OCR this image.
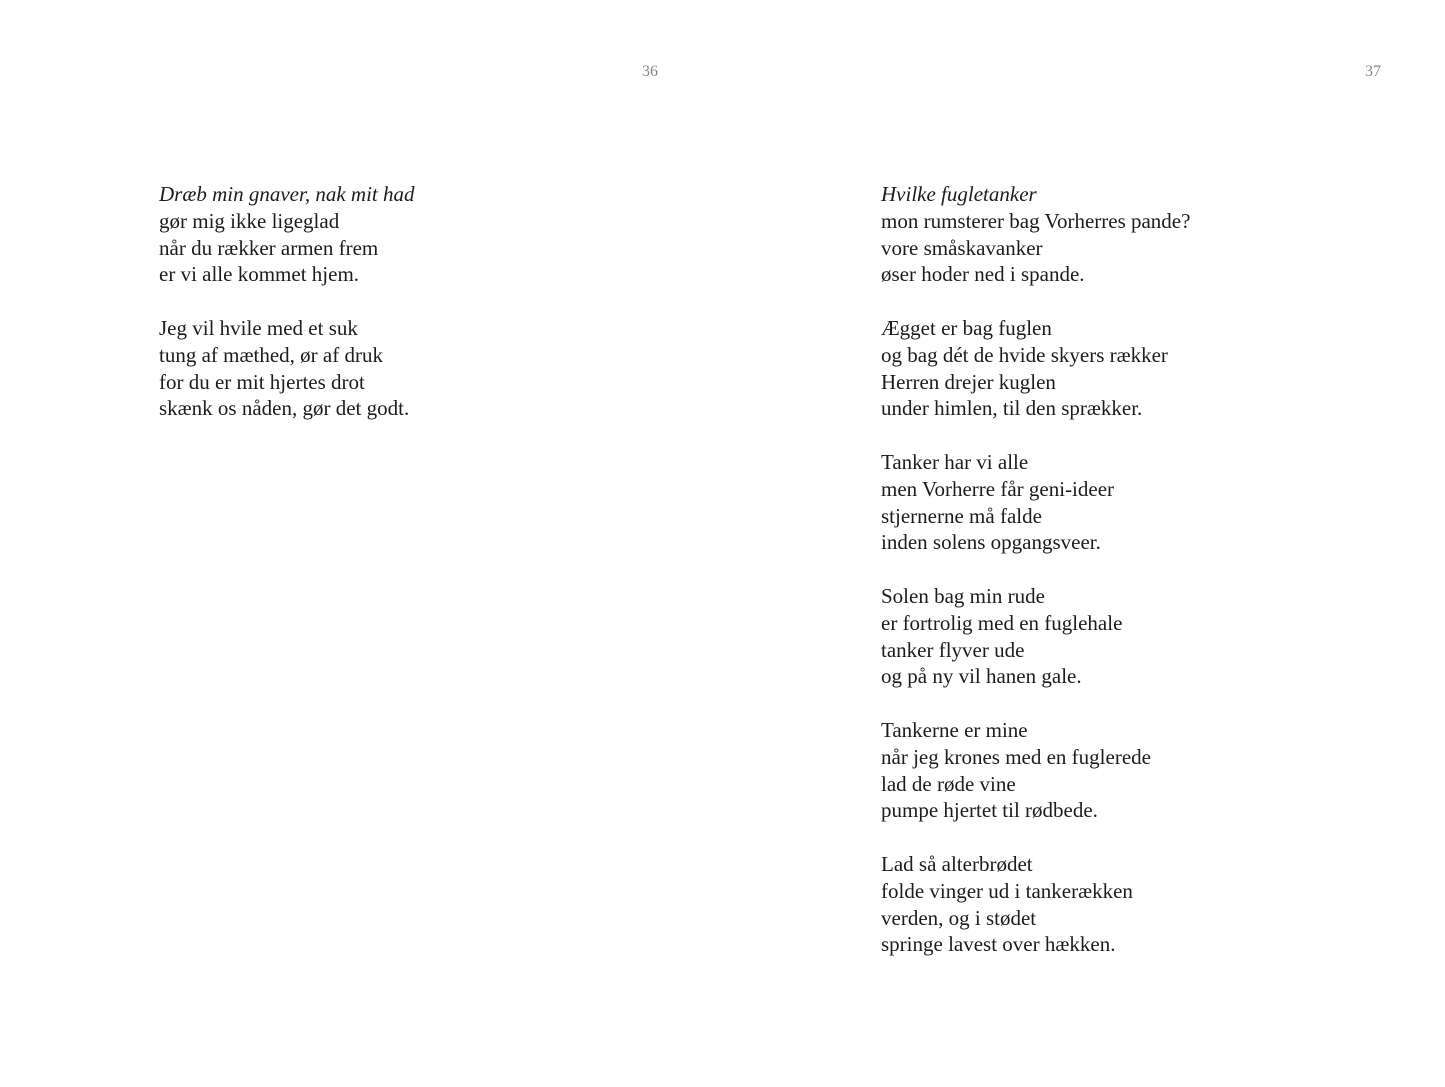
36
Dræb min gnaver, nak mit had
gør mig ikke ligeglad
når du rækker armen frem
er vi alle kommet hjem.
Jeg vil hvile med et suk
tung af mæthed, ør af druk
for du er mit hjertes drot
skænk os nåden, gør det godt.
37
Hvilke fugletanker
mon rumsterer bag Vorherres pande?
vore småskavanker
øser hoder ned i spande.
Ægget er bag fuglen
og bag dét de hvide skyers rækker
Herren drejer kuglen
under himlen, til den sprækker.
Tanker har vi alle
men Vorherre får geni-ideer
stjernerne må falde
inden solens opgangsveer.
Solen bag min rude
er fortrolig med en fuglehale
tanker flyver ude
og på ny vil hanen gale.
Tankerne er mine
når jeg krones med en fuglerede
lad de røde vine
pumpe hjertet til rødbede.
Lad så alterbrødet
folde vinger ud i tankerækken
verden, og i stødet
springe lavest over hækken.
